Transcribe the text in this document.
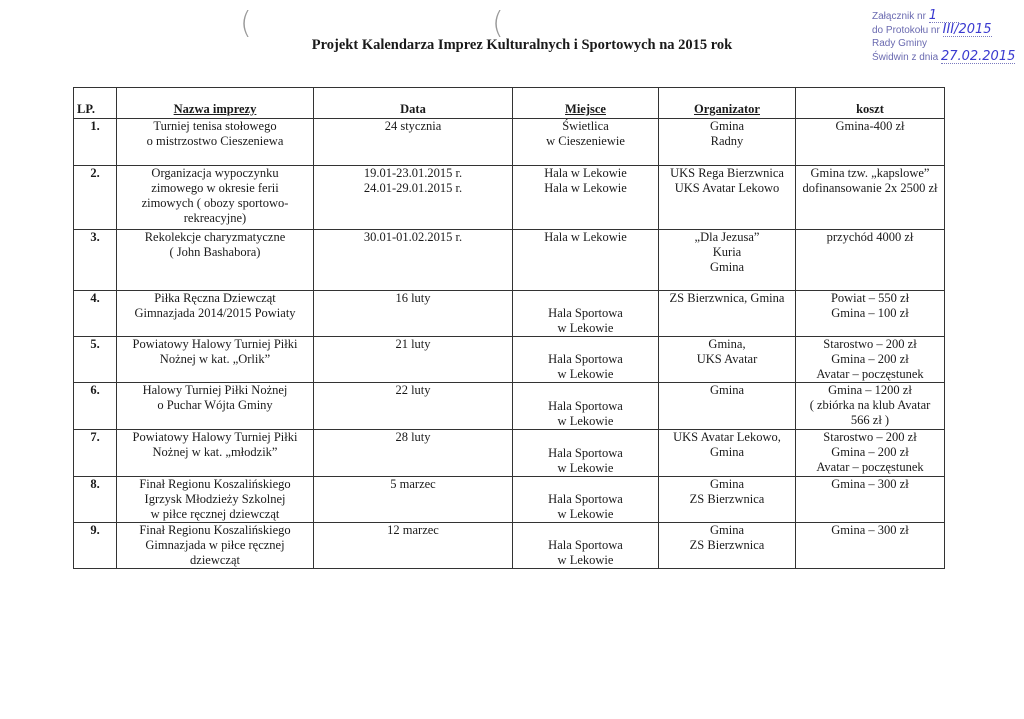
(	(
Projekt Kalendarza Imprez Kulturalnych i Sportowych na 2015 rok
Załącznik nr 1
do Protokołu nr III/2015
Rady Gminy
Świdwin z dnia 27.02.2015
LP.	Nazwa imprezy	Data	Miejsce	Organizator	koszt
1.	Turniej tenisa stołowego
o mistrzostwo Cieszeniewa	24 stycznia	Świetlica
w Cieszeniewie	Gmina
Radny	Gmina-400 zł

2.	Organizacja wypoczynku
zimowego w okresie ferii
zimowych ( obozy sportowo-
rekreacyjne)	19.01-23.01.2015 r.
24.01-29.01.2015 r.	Hala w Lekowie
Hala w Lekowie	UKS Rega Bierzwnica
UKS Avatar Lekowo	Gmina tzw. „kapslowe”
dofinansowanie 2x 2500 zł

3.	Rekolekcje charyzmatyczne
( John Bashabora)	30.01-01.02.2015 r.	Hala w Lekowie	„Dla Jezusa”
Kuria
Gmina	przychód 4000 zł

4.	Piłka Ręczna Dziewcząt
Gimnazjada 2014/2015 Powiaty	16 luty	Hala Sportowa
w Lekowie	ZS Bierzwnica, Gmina	Powiat – 550 zł
Gmina – 100 zł

5.	Powiatowy Halowy Turniej Piłki
Nożnej w kat. „Orlik”	21 luty	Hala Sportowa
w Lekowie	Gmina,
UKS Avatar	Starostwo – 200 zł
Gmina – 200 zł
Avatar – poczęstunek

6.	Halowy Turniej Piłki Nożnej
o Puchar Wójta Gminy	22 luty	Hala Sportowa
w Lekowie	Gmina	Gmina – 1200 zł
( zbiórka na klub Avatar
566 zł )

7.	Powiatowy Halowy Turniej Piłki
Nożnej w kat. „młodzik”	28 luty	Hala Sportowa
w Lekowie	UKS Avatar Lekowo,
Gmina	Starostwo – 200 zł
Gmina – 200 zł
Avatar – poczęstunek

8.	Finał Regionu Koszalińskiego
Igrzysk Młodzieży Szkolnej
w piłce ręcznej dziewcząt	5 marzec	Hala Sportowa
w Lekowie	Gmina
ZS Bierzwnica	Gmina – 300 zł

9.	Finał Regionu Koszalińskiego
Gimnazjada w piłce ręcznej
dziewcząt	12 marzec	Hala Sportowa
w Lekowie	Gmina
ZS Bierzwnica	Gmina – 300 zł
